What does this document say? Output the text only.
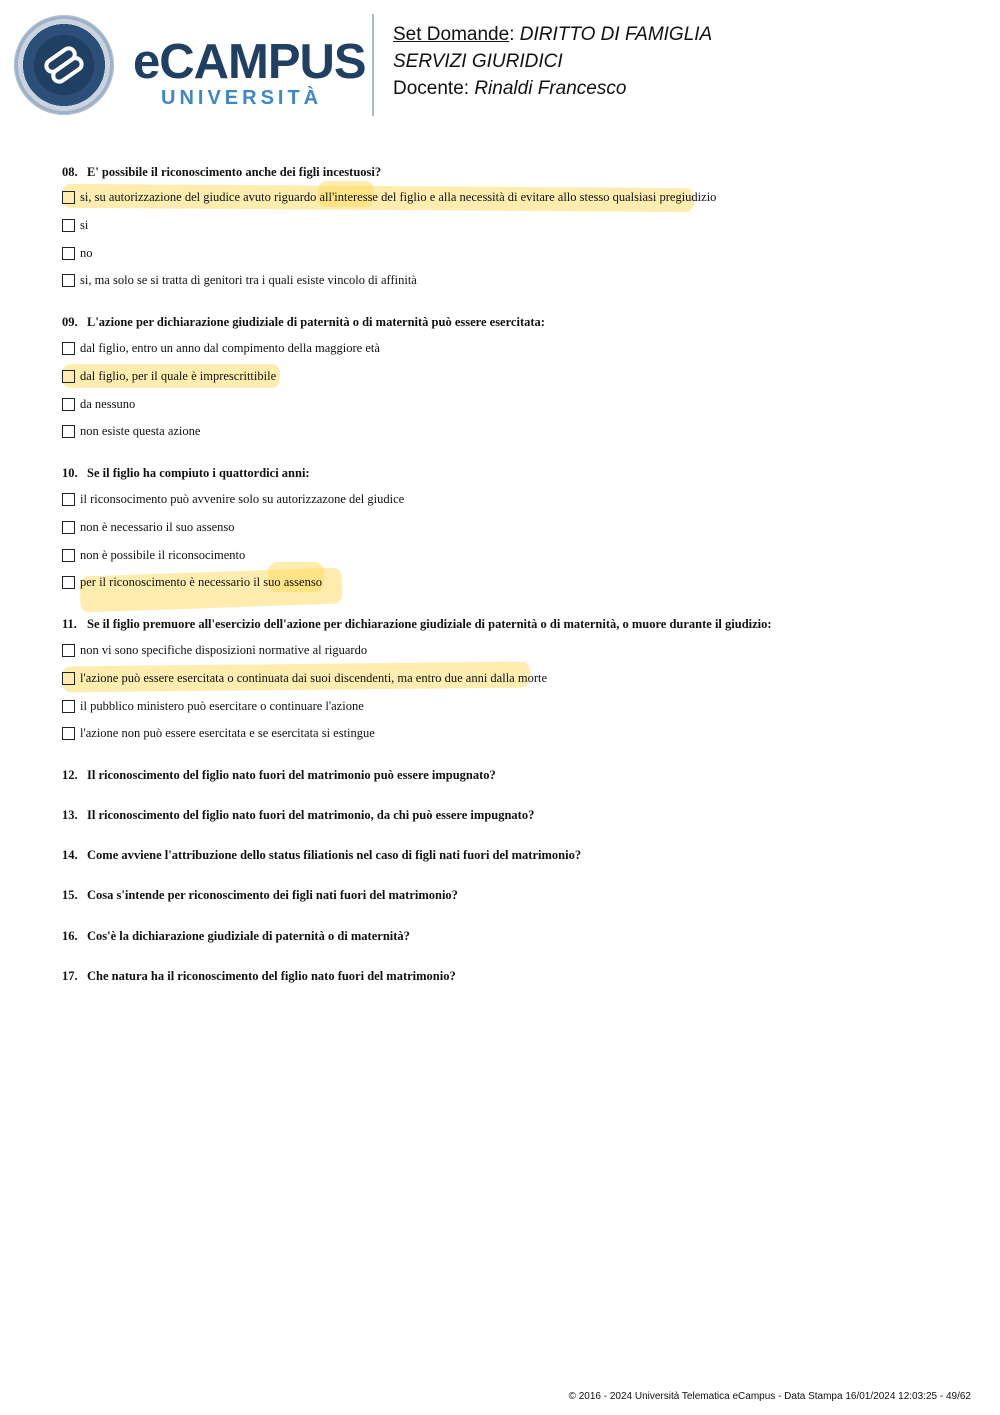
eCAMPUS
UNIVERSITÀ
Set Domande: DIRITTO DI FAMIGLIA
SERVIZI GIURIDICI
Docente: Rinaldi Francesco
08. E' possibile il riconoscimento anche dei figli incestuosi?
si, su autorizzazione del giudice avuto riguardo all'interesse del figlio e alla necessità di evitare allo stesso qualsiasi pregiudizio
si
no
si, ma solo se si tratta di genitori tra i quali esiste vincolo di affinità
09. L'azione per dichiarazione giudiziale di paternità o di maternità può essere esercitata:
dal figlio, entro un anno dal compimento della maggiore età
dal figlio, per il quale è imprescrittibile
da nessuno
non esiste questa azione
10. Se il figlio ha compiuto i quattordici anni:
il riconsocimento può avvenire solo su autorizzazone del giudice
non è necessario il suo assenso
non è possibile il riconsocimento
per il riconoscimento è necessario il suo assenso
11. Se il figlio premuore all'esercizio dell'azione per dichiarazione giudiziale di paternità o di maternità, o muore durante il giudizio:
non vi sono specifiche disposizioni normative al riguardo
l'azione può essere esercitata o continuata dai suoi discendenti, ma entro due anni dalla morte
il pubblico ministero può esercitare o continuare l'azione
l'azione non può essere esercitata e se esercitata si estingue
12. Il riconoscimento del figlio nato fuori del matrimonio può essere impugnato?
13. Il riconoscimento del figlio nato fuori del matrimonio, da chi può essere impugnato?
14. Come avviene l'attribuzione dello status filiationis nel caso di figli nati fuori del matrimonio?
15. Cosa s'intende per riconoscimento dei figli nati fuori del matrimonio?
16. Cos'è la dichiarazione giudiziale di paternità o di maternità?
17. Che natura ha il riconoscimento del figlio nato fuori del matrimonio?
© 2016 - 2024 Università Telematica eCampus - Data Stampa 16/01/2024 12:03:25 - 49/62
